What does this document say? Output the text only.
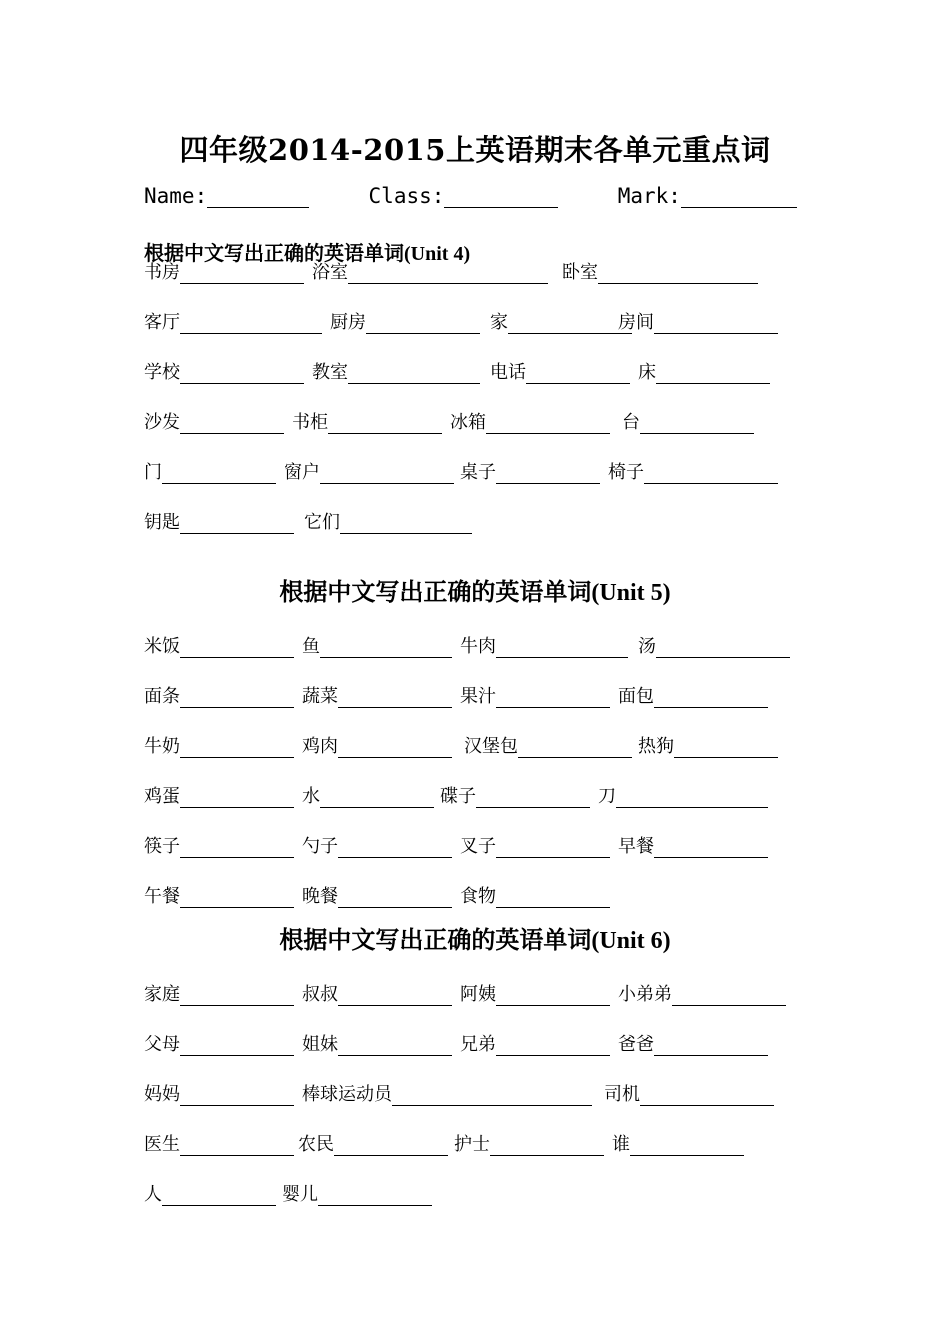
四年级2014-2015上英语期末各单元重点词
Name:	Class:	Mark:
根据中文写出正确的英语单词(Unit 4)
根据中文写出正确的英语单词(Unit 5)
根据中文写出正确的英语单词(Unit 6)
书房	浴室	卧室
客厅	厨房	家	房间
学校	教室	电话	床
沙发	书柜	冰箱	台
门	窗户	桌子	椅子
钥匙	它们
米饭	鱼	牛肉	汤
面条	蔬菜	果汁	面包
牛奶	鸡肉	汉堡包	热狗
鸡蛋	水	碟子	刀
筷子	勺子	叉子	早餐
午餐	晚餐	食物
家庭	叔叔	阿姨	小弟弟
父母	姐妹	兄弟	爸爸
妈妈	棒球运动员	司机
医生	农民	护士	谁
人	婴儿
